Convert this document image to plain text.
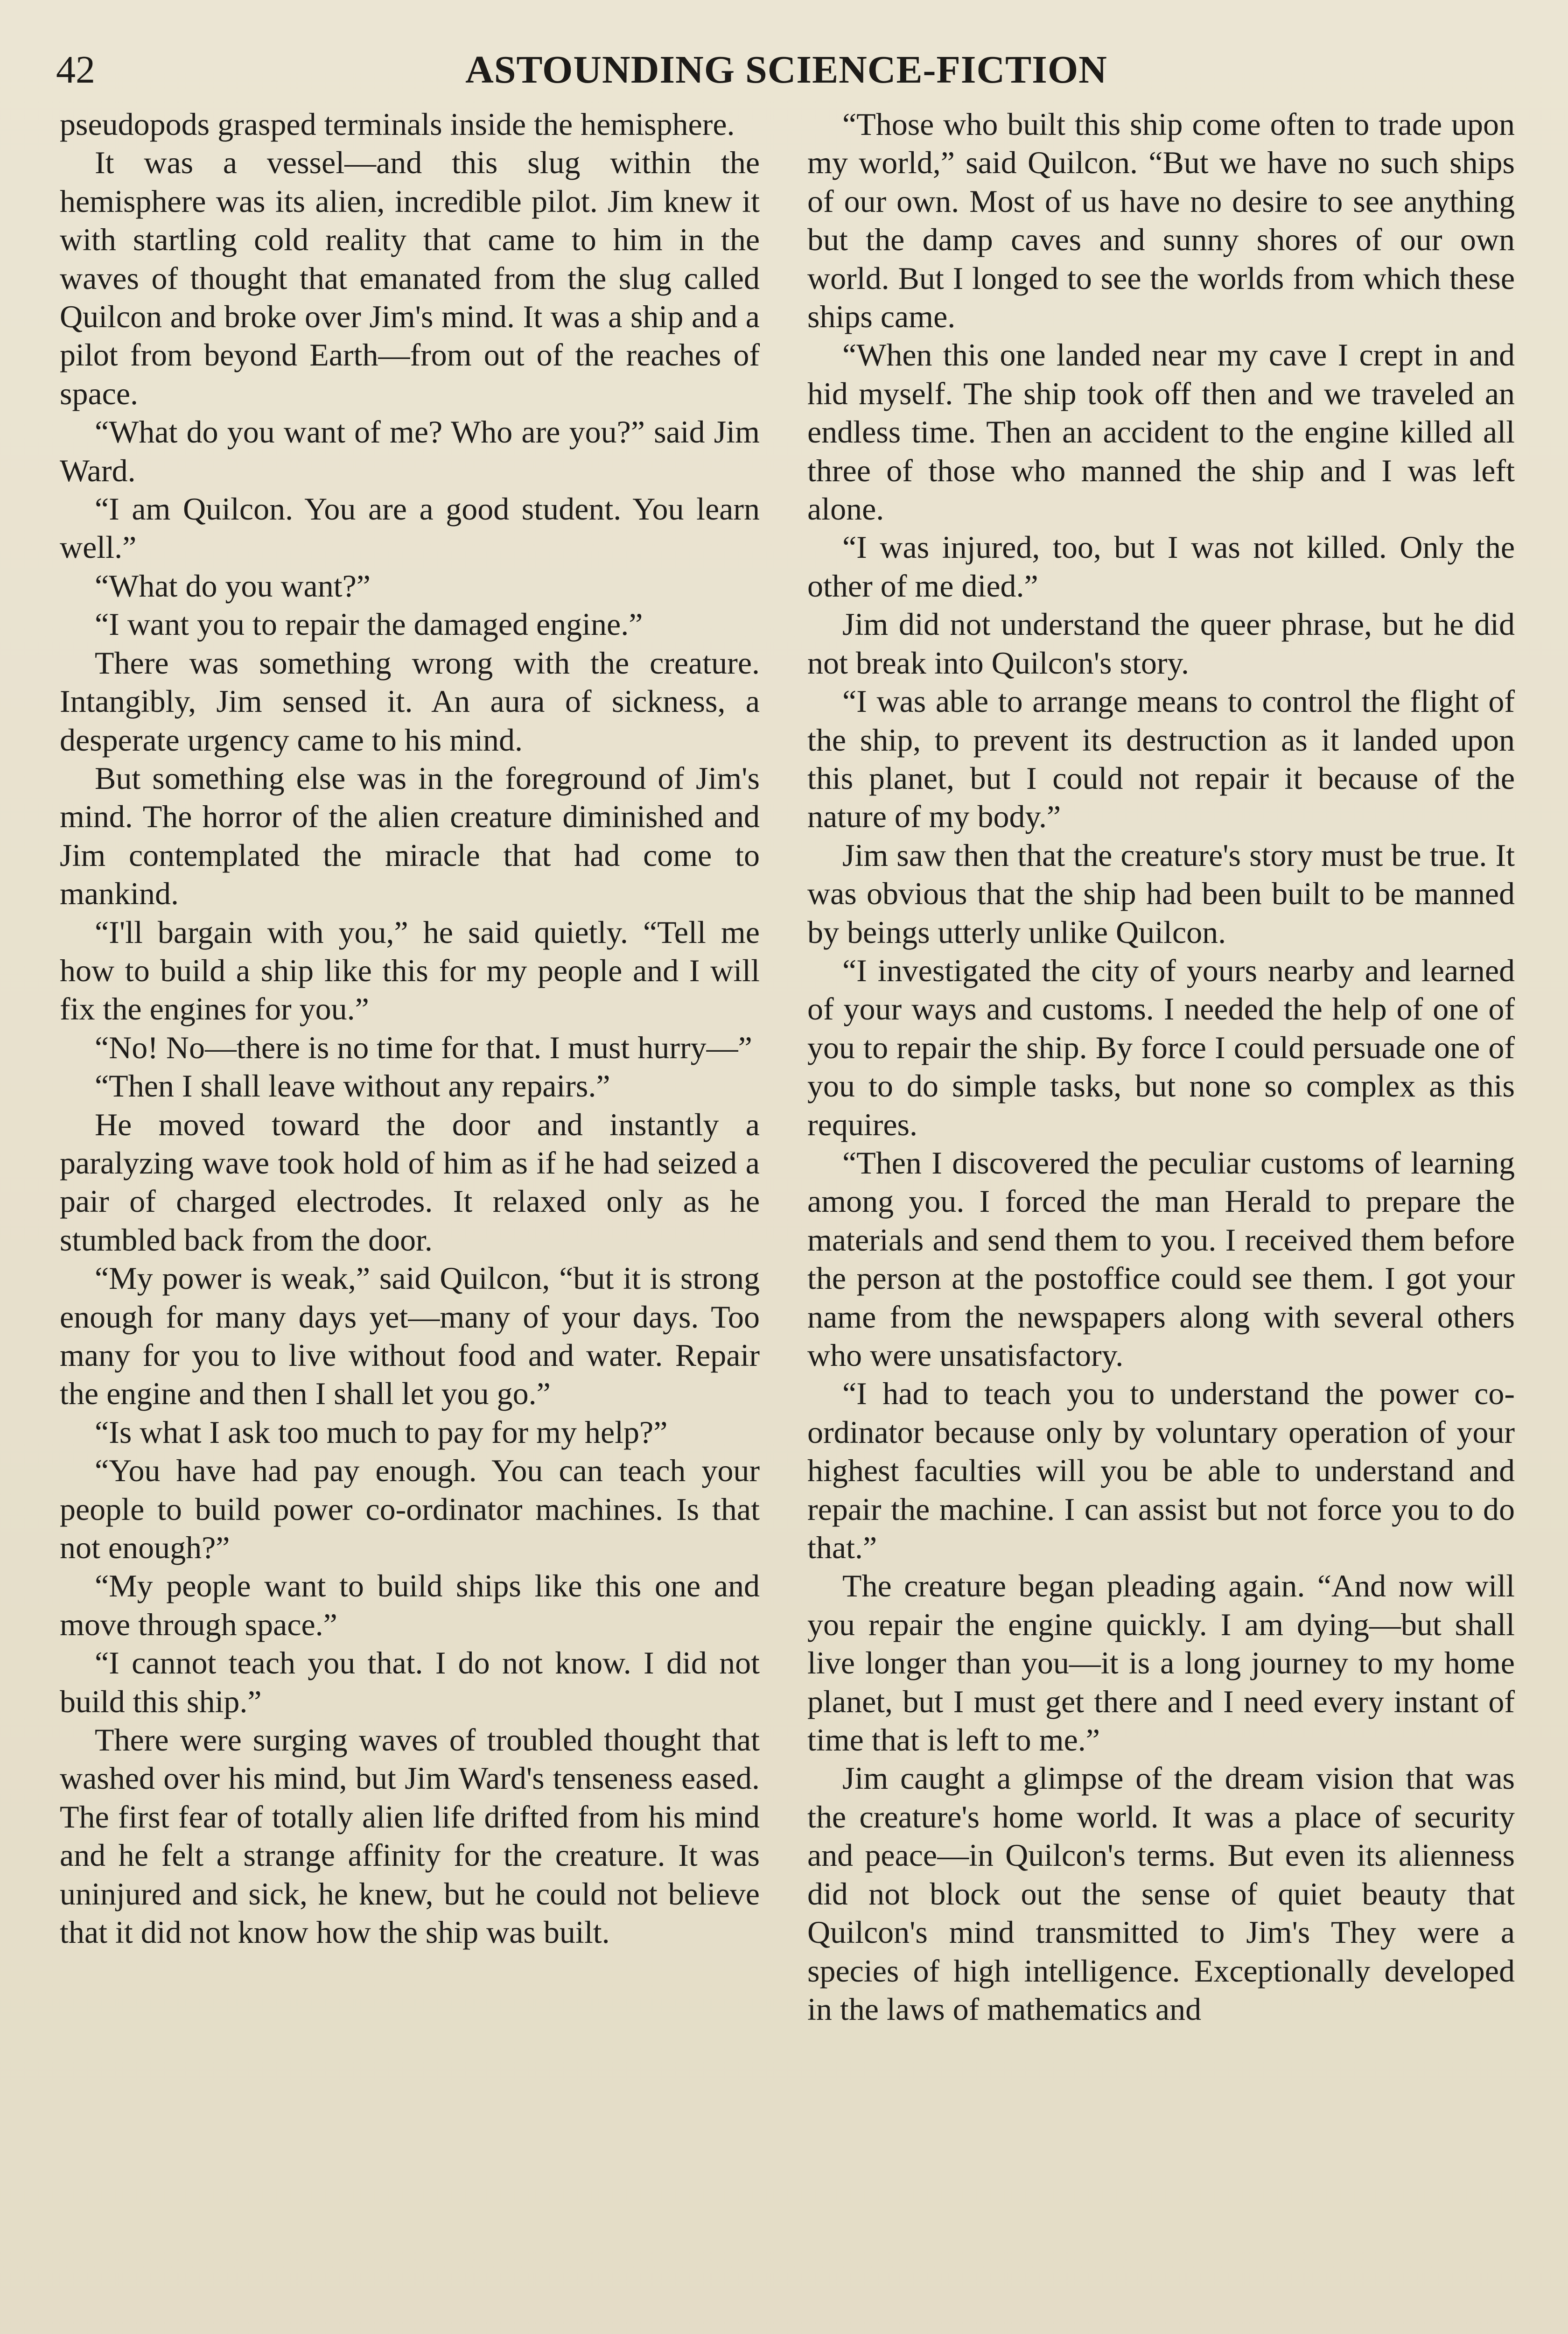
42	ASTOUNDING SCIENCE-FICTION

pseudopods grasped terminals inside the hemisphere.

It was a vessel—and this slug within the hemisphere was its alien, incredible pilot. Jim knew it with startling cold reality that came to him in the waves of thought that emanated from the slug called Quilcon and broke over Jim's mind. It was a ship and a pilot from beyond Earth—from out of the reaches of space.

“What do you want of me? Who are you?” said Jim Ward.

“I am Quilcon. You are a good student. You learn well.”

“What do you want?”

“I want you to repair the damaged engine.”

There was something wrong with the creature. Intangibly, Jim sensed it. An aura of sickness, a desperate urgency came to his mind.

But something else was in the foreground of Jim's mind. The horror of the alien creature diminished and Jim contemplated the miracle that had come to mankind.

“I'll bargain with you,” he said quietly. “Tell me how to build a ship like this for my people and I will fix the engines for you.”

“No! No—there is no time for that. I must hurry—”

“Then I shall leave without any repairs.”

He moved toward the door and instantly a paralyzing wave took hold of him as if he had seized a pair of charged electrodes. It relaxed only as he stumbled back from the door.

“My power is weak,” said Quilcon, “but it is strong enough for many days yet—many of your days. Too many for you to live without food and water. Repair the engine and then I shall let you go.”

“Is what I ask too much to pay for my help?”

“You have had pay enough. You can teach your people to build power co-ordinator machines. Is that not enough?”

“My people want to build ships like this one and move through space.”

“I cannot teach you that. I do not know. I did not build this ship.”

There were surging waves of troubled thought that washed over his mind, but Jim Ward's tenseness eased. The first fear of totally alien life drifted from his mind and he felt a strange affinity for the creature. It was uninjured and sick, he knew, but he could not believe that it did not know how the ship was built.

“Those who built this ship come often to trade upon my world,” said Quilcon. “But we have no such ships of our own. Most of us have no desire to see anything but the damp caves and sunny shores of our own world. But I longed to see the worlds from which these ships came.

“When this one landed near my cave I crept in and hid myself. The ship took off then and we traveled an endless time. Then an accident to the engine killed all three of those who manned the ship and I was left alone.

“I was injured, too, but I was not killed. Only the other of me died.”

Jim did not understand the queer phrase, but he did not break into Quilcon's story.

“I was able to arrange means to control the flight of the ship, to prevent its destruction as it landed upon this planet, but I could not repair it because of the nature of my body.”

Jim saw then that the creature's story must be true. It was obvious that the ship had been built to be manned by beings utterly unlike Quilcon.

“I investigated the city of yours nearby and learned of your ways and customs. I needed the help of one of you to repair the ship. By force I could persuade one of you to do simple tasks, but none so complex as this requires.

“Then I discovered the peculiar customs of learning among you. I forced the man Herald to prepare the materials and send them to you. I received them before the person at the postoffice could see them. I got your name from the newspapers along with several others who were unsatisfactory.

“I had to teach you to understand the power co-ordinator because only by voluntary operation of your highest faculties will you be able to understand and repair the machine. I can assist but not force you to do that.”

The creature began pleading again. “And now will you repair the engine quickly. I am dying—but shall live longer than you—it is a long journey to my home planet, but I must get there and I need every instant of time that is left to me.”

Jim caught a glimpse of the dream vision that was the creature's home world. It was a place of security and peace—in Quilcon's terms. But even its alienness did not block out the sense of quiet beauty that Quilcon's mind transmitted to Jim's They were a species of high intelligence. Exceptionally developed in the laws of mathematics and
